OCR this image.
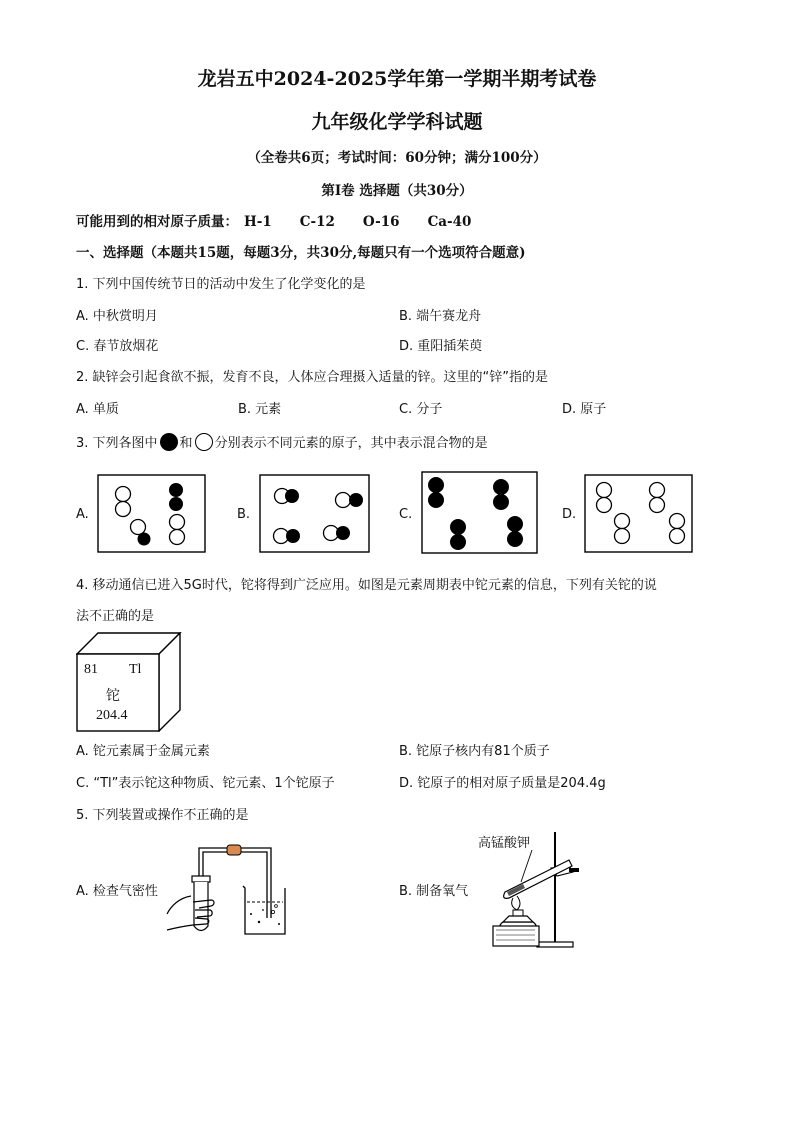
龙岩五中2024-2025学年第一学期半期考试卷
九年级化学学科试题
（全卷共6页；考试时间：60分钟；满分100分）
第Ⅰ卷 选择题（共30分）
可能用到的相对原子质量： H-1 C-12 O-16 Ca-40
一、选择题（本题共15题，每题3分，共30分,每题只有一个选项符合题意)
1. 下列中国传统节日的活动中发生了化学变化的是
A. 中秋赏明月	B. 端午赛龙舟
C. 春节放烟花	D. 重阳插茱萸
2. 缺锌会引起食欲不振，发育不良，人体应合理摄入适量的锌。这里的“锌”指的是
A. 单质	B. 元素	C. 分子	D. 原子
3. 下列各图中 和 分别表示不同元素的原子，其中表示混合物的是
A.	B.	C.	D.
4. 移动通信已进入5G时代，铊将得到广泛应用。如图是元素周期表中铊元素的信息，下列有关铊的说
法不正确的是
81 Tl
铊
204.4
A. 铊元素属于金属元素	B. 铊原子核内有81个质子
C. “Tl”表示铊这种物质、铊元素、1个铊原子	D. 铊原子的相对原子质量是204.4g
5. 下列装置或操作不正确的是
A. 检查气密性	B. 制备氧气
高锰酸钾
